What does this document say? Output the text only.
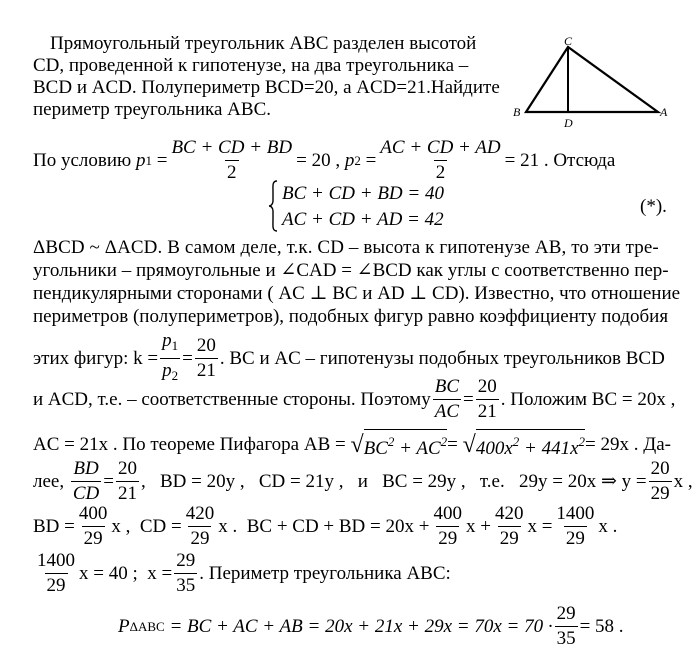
Прямоугольный треугольник ABC разделен высотой
CD, проведенной к гипотенузе, на два треугольника –
BCD и ACD. Полупериметр BCD=20, а ACD=21.Найдите
периметр треугольника ABC.
C
B
D
A
По условию
p $1 = \frac{BC + CD + BD}{2} = 20$ ,
p $2 = \frac{AC + CD + AD}{2} = 21$ . Отсюда
BC + CD + BD = 40
AC + CD + AD = 42
(*).
ΔBCD ~ ΔACD. В самом деле, т.к. CD – высота к гипотенузе AB, то эти тре-
угольники – прямоугольные и ∠CAD = ∠BCD как углы с соответственно пер-
пендикулярными сторонами ( AC ⊥ BC и AD ⊥ CD). Известно, что отношение
периметров (полупериметров), подобных фигур равно коэффициенту подобия
этих фигур: $k = \frac{p_1}{p_2} = \frac{20}{21}$ . BC и AC – гипотенузы подобных треугольников BCD
и ACD, т.е. – соответственные стороны. Поэтому $\frac{BC}{AC} = \frac{20}{21}$ . Положим BC = 20x ,
AC = 21x . По теореме Пифагора AB =
√ $BC^2 + AC^2$ =
√ $400x^2 + 441x^2 = 29x$ . Да-
лее,
$\frac{BD}{CD} = \frac{20}{21}$ ,   BD = 20y ,   CD = 21y ,   и   BC = 29y ,   т.е.   29y = 20x ⇒ $y = \frac{20}{29}$ x ,
BD = $\frac{400}{29}$ x ,  CD = $\frac{420}{29}$ x .  BC + CD + BD = $20x + \frac{400}{29}$ $x + \frac{420}{29}$ $x = \frac{1400}{29}$ x .
$\frac{1400}{29}$ x = 40 ;  $x = \frac{29}{35}$ . Периметр треугольника ABC:
P ΔABC = BC + AC + AB = $20x + 21x + 29x = 70x = 70 \cdot \frac{29}{35} = 58$ .
